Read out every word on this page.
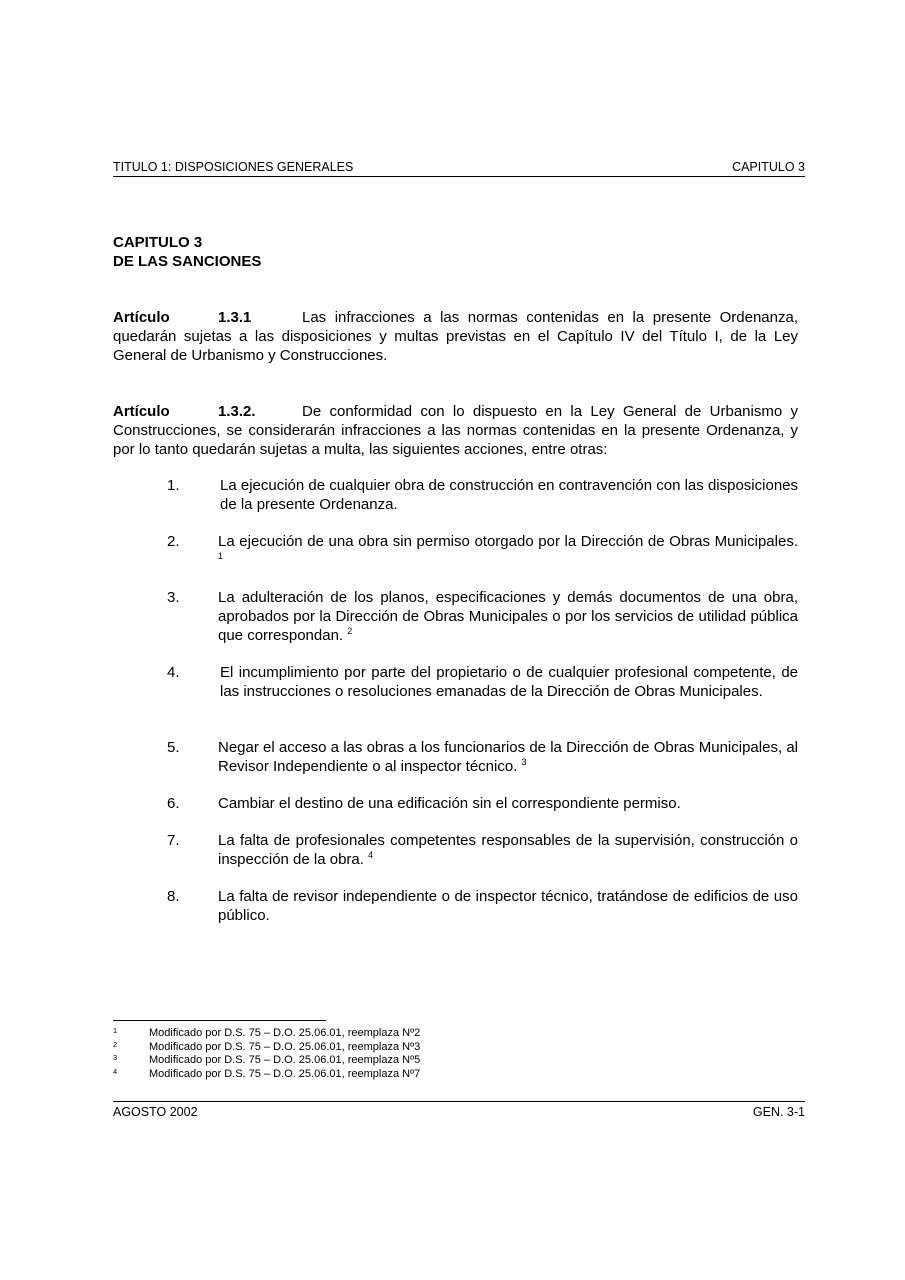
TITULO 1: DISPOSICIONES GENERALES	CAPITULO 3
CAPITULO 3
DE LAS SANCIONES
Artículo	1.3.1	Las infracciones a las normas contenidas en la presente Ordenanza, quedarán sujetas a las disposiciones y multas previstas en el Capítulo IV del Título I, de la Ley General de Urbanismo y Construcciones.
Artículo	1.3.2.	De conformidad con lo dispuesto en la Ley General de Urbanismo y Construcciones, se considerarán infracciones a las normas contenidas en la presente Ordenanza, y por lo tanto quedarán sujetas a multa, las siguientes acciones, entre otras:
1.	La ejecución de cualquier obra de construcción en contravención con las disposiciones de la presente Ordenanza.
2.	La ejecución de una obra sin permiso otorgado por la Dirección de Obras Municipales. $^1$
3.	La adulteración de los planos, especificaciones y demás documentos de una obra, aprobados por la Dirección de Obras Municipales o por los servicios de utilidad pública que correspondan. $^2$
4.	El incumplimiento por parte del propietario o de cualquier profesional competente, de las instrucciones o resoluciones emanadas de la Dirección de Obras Municipales.
5.	Negar el acceso a las obras a los funcionarios de la Dirección de Obras Municipales, al Revisor Independiente o al inspector técnico. $^3$
6.	Cambiar el destino de una edificación sin el correspondiente permiso.
7.	La falta de profesionales competentes responsables de la supervisión, construcción o inspección de la obra. $^4$
8.	La falta de revisor independiente o de inspector técnico, tratándose de edificios de uso público.
1	Modificado por D.S. 75 – D.O. 25.06.01, reemplaza Nº2
2	Modificado por D.S. 75 – D.O. 25.06.01, reemplaza Nº3
3	Modificado por D.S. 75 – D.O. 25.06.01, reemplaza Nº5
4	Modificado por D.S. 75 – D.O. 25.06.01, reemplaza Nº7
AGOSTO 2002	GEN. 3-1
